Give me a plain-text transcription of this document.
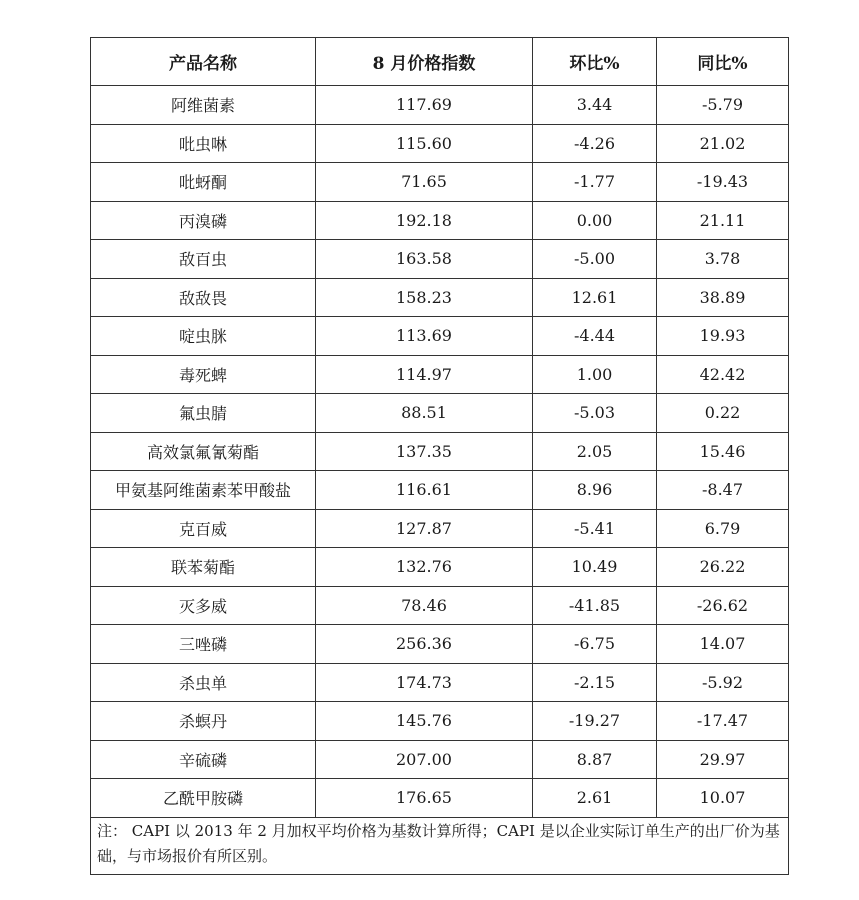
产品名称	8 月价格指数	环比%	同比%
阿维菌素	117.69	3.44	-5.79
吡虫啉	115.60	-4.26	21.02
吡蚜酮	71.65	-1.77	-19.43
丙溴磷	192.18	0.00	21.11
敌百虫	163.58	-5.00	3.78
敌敌畏	158.23	12.61	38.89
啶虫脒	113.69	-4.44	19.93
毒死蜱	114.97	1.00	42.42
氟虫腈	88.51	-5.03	0.22
高效氯氟氰菊酯	137.35	2.05	15.46
甲氨基阿维菌素苯甲酸盐	116.61	8.96	-8.47
克百威	127.87	-5.41	6.79
联苯菊酯	132.76	10.49	26.22
灭多威	78.46	-41.85	-26.62
三唑磷	256.36	-6.75	14.07
杀虫单	174.73	-2.15	-5.92
杀螟丹	145.76	-19.27	-17.47
辛硫磷	207.00	8.87	29.97
乙酰甲胺磷	176.65	2.61	10.07
注： CAPI 以 2013 年 2 月加权平均价格为基数计算所得；CAPI 是以企业实际订单生产的出厂价为基础，与市场报价有所区别。			
